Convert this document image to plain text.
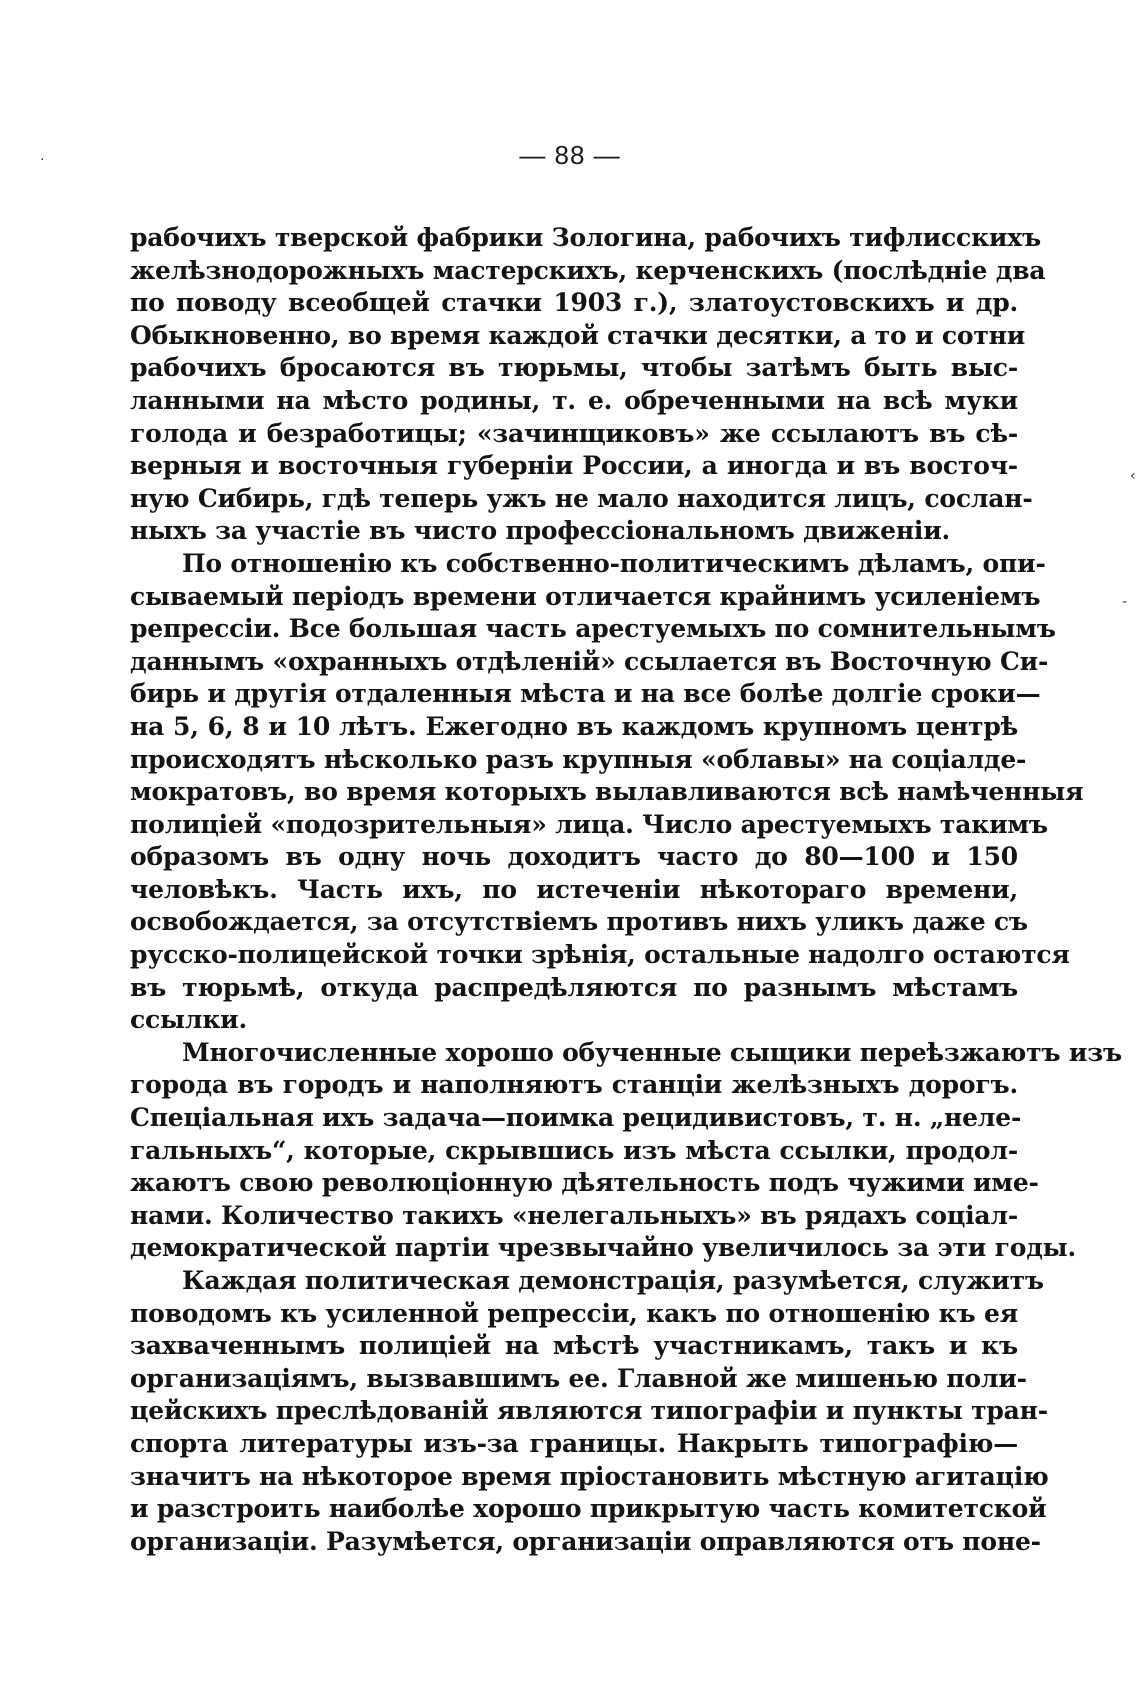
— 88 —
рабочихъ тверской фабрики Зологина, рабочихъ тифлисскихъ
желѣзнодорожныхъ мастерскихъ, керченскихъ (послѣдніе два
по поводу всеобщей стачки 1903 г.), златоустовскихъ и др.
Обыкновенно, во время каждой стачки десятки, а то и сотни
рабочихъ бросаются въ тюрьмы, чтобы затѣмъ быть выс-
ланными на мѣсто родины, т. е. обреченными на всѣ муки
голода и безработицы; «зачинщиковъ» же ссылаютъ въ сѣ-
верныя и восточныя губерніи России, а иногда и въ восточ-
ную Сибирь, гдѣ теперь ужъ не мало находится лицъ, сослан-
ныхъ за участіе въ чисто профессіональномъ движеніи.
По отношенію къ собственно-политическимъ дѣламъ, опи-
сываемый періодъ времени отличается крайнимъ усиленіемъ
репрессіи. Все большая часть арестуемыхъ по сомнительнымъ
даннымъ «охранныхъ отдѣленій» ссылается въ Восточную Си-
бирь и другія отдаленныя мѣста и на все болѣе долгіе сроки—
на 5, 6, 8 и 10 лѣтъ. Ежегодно въ каждомъ крупномъ центрѣ
происходятъ нѣсколько разъ крупныя «облавы» на соціалде-
мократовъ, во время которыхъ вылавливаются всѣ намѣченныя
полиціей «подозрительныя» лица. Число арестуемыхъ такимъ
образомъ въ одну ночь доходитъ часто до 80—100 и 150
человѣкъ. Часть ихъ, по истеченіи нѣкотораго времени,
освобождается, за отсутствіемъ противъ нихъ уликъ даже съ
русско-полицейской точки зрѣнія, остальные надолго остаются
въ тюрьмѣ, откуда распредѣляются по разнымъ мѣстамъ
ссылки.
Многочисленные хорошо обученные сыщики переѣзжаютъ изъ
города въ городъ и наполняютъ станціи желѣзныхъ дорогъ.
Спеціальная ихъ задача—поимка рецидивистовъ, т. н. „неле-
гальныхъ“, которые, скрывшись изъ мѣста ссылки, продол-
жаютъ свою революціонную дѣятельность подъ чужими име-
нами. Количество такихъ «нелегальныхъ» въ рядахъ соціал-
демократической партіи чрезвычайно увеличилось за эти годы.
Каждая политическая демонстрація, разумѣется, служитъ
поводомъ къ усиленной репрессіи, какъ по отношенію къ ея
захваченнымъ полиціей на мѣстѣ участникамъ, такъ и къ
организаціямъ, вызвавшимъ ее. Главной же мишенью поли-
цейскихъ преслѣдованій являются типографіи и пункты тран-
спорта литературы изъ-за границы. Накрыть типографію—
значитъ на нѣкоторое время пріостановить мѣстную агитацію
и разстроить наиболѣе хорошо прикрытую часть комитетской
организаціи. Разумѣется, организаціи оправляются отъ поне-
·
‹
-
